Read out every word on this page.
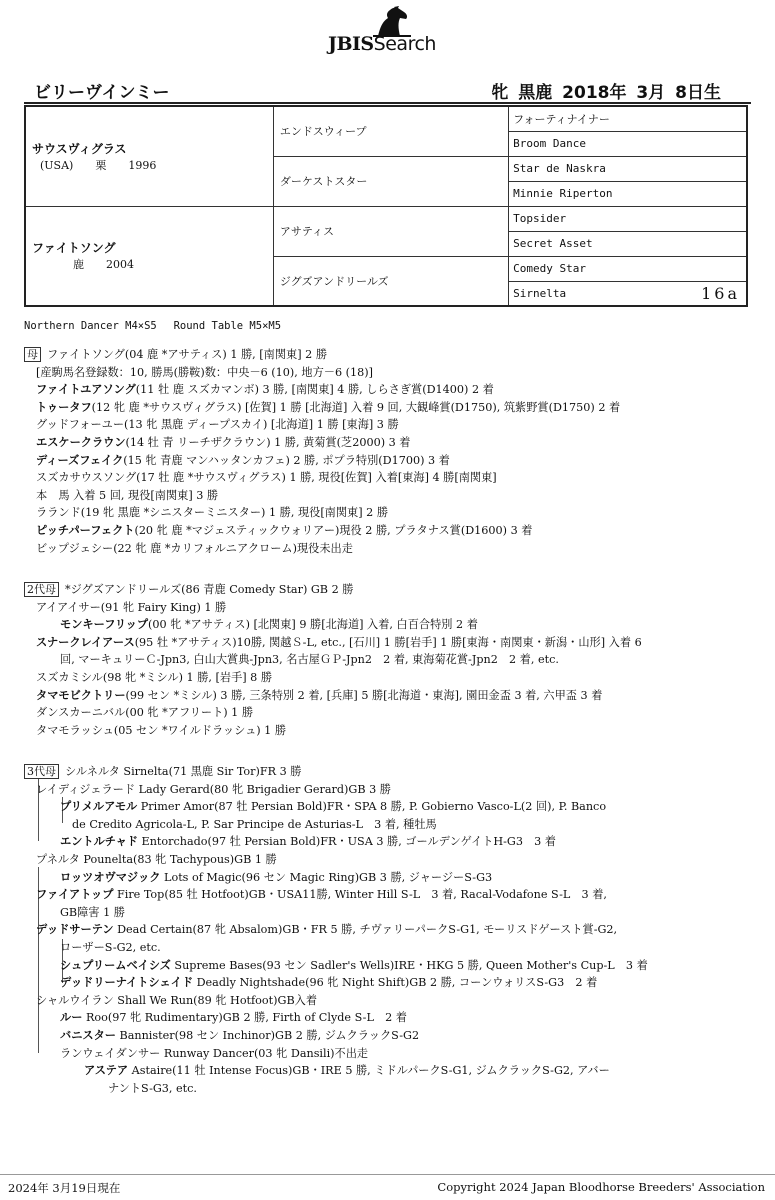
JBISSearch
ビリーヴインミー	牝 黒鹿 2018年 3月 8日生
サウスヴィグラス
(USA)　　栗　　1996	エンドスウィープ	フォーティナイナー
		Broom Dance
	ダーケストスター	Star de Naskra
		Minnie Riperton

ファイトソング
　　　鹿　　2004	アサティス	Topsider
		Secret Asset
	ジグズアンドリールズ	Comedy Star
		Sirnelta 16a
Northern Dancer M4×S5　 Round Table M5×M5
母 ファイトソング(04 鹿 *アサティス) 1 勝, [南関東] 2 勝
[産駒馬名登録数：10, 勝馬(勝鞍)数：中央－6 (10), 地方－6 (18)]
ファイトユアソング(11 牡 鹿 スズカマンボ) 3 勝, [南関東] 4 勝, しらさぎ賞(D1400) 2 着
トゥータフ(12 牝 鹿 *サウスヴィグラス) [佐賀] 1 勝 [北海道] 入着 9 回, 大観峰賞(D1750), 筑紫野賞(D1750) 2 着
グッドフォーユー(13 牝 黒鹿 ディープスカイ) [北海道] 1 勝 [東海] 3 勝
エスケークラウン(14 牡 青 リーチザクラウン) 1 勝, 黄菊賞(芝2000) 3 着
ディーズフェイク(15 牝 青鹿 マンハッタンカフェ) 2 勝, ポプラ特別(D1700) 3 着
スズカサウスソング(17 牡 鹿 *サウスヴィグラス) 1 勝, 現役[佐賀] 入着[東海] 4 勝[南関東]
本　馬 入着 5 回, 現役[南関東] 3 勝
ラランド(19 牝 黒鹿 *シニスターミニスター) 1 勝, 現役[南関東] 2 勝
ピッチパーフェクト(20 牝 鹿 *マジェスティックウォリアー)現役 2 勝, プラタナス賞(D1600) 3 着
ビップジェシー(22 牝 鹿 *カリフォルニアクローム)現役未出走
2代母 *ジグズアンドリールズ(86 青鹿 Comedy Star) GB 2 勝
アイアイサー(91 牝 Fairy King) 1 勝
モンキーフリップ(00 牝 *アサティス) [北関東] 9 勝[北海道] 入着, 白百合特別 2 着
スナークレイアース(95 牡 *アサティス)10勝, 関越Ｓ-L, etc., [石川] 1 勝[岩手] 1 勝[東海・南関東・新潟・山形] 入着 6
回, マーキュリーＣ-Jpn3, 白山大賞典-Jpn3, 名古屋ＧＰ-Jpn2　2 着, 東海菊花賞-Jpn2　2 着, etc.
スズカミシル(98 牝 *ミシル) 1 勝, [岩手] 8 勝
タマモビクトリー(99 セン *ミシル) 3 勝, 三条特別 2 着, [兵庫] 5 勝[北海道・東海], 園田金盃 3 着, 六甲盃 3 着
ダンスカーニバル(00 牝 *アフリート) 1 勝
タマモラッシュ(05 セン *ワイルドラッシュ) 1 勝
3代母 シルネルタ Sirnelta(71 黒鹿 Sir Tor)FR 3 勝
レイディジェラード Lady Gerard(80 牝 Brigadier Gerard)GB 3 勝
プリメルアモル Primer Amor(87 牡 Persian Bold)FR・SPA 8 勝, P. Gobierno Vasco-L(2 回), P. Banco
de Credito Agricola-L, P. Sar Principe de Asturias-L　3 着, 種牡馬
エントルチャド Entorchado(97 牡 Persian Bold)FR・USA 3 勝, ゴールデンゲイトH-G3　3 着
プネルタ Pounelta(83 牝 Tachypous)GB 1 勝
ロッツオヴマジック Lots of Magic(96 セン Magic Ring)GB 3 勝, ジャージーS-G3
ファイアトップ Fire Top(85 牡 Hotfoot)GB・USA11勝, Winter Hill S-L　3 着, Racal-Vodafone S-L　3 着,
GB障害 1 勝
デッドサーテン Dead Certain(87 牝 Absalom)GB・FR 5 勝, チヴァリーパークS-G1, モーリスドゲースト賞-G2,
ローザーS-G2, etc.
シュプリームベイシズ Supreme Bases(93 セン Sadler's Wells)IRE・HKG 5 勝, Queen Mother's Cup-L　3 着
デッドリーナイトシェイド Deadly Nightshade(96 牝 Night Shift)GB 2 勝, コーンウォリスS-G3　2 着
シャルウイラン Shall We Run(89 牝 Hotfoot)GB入着
ルー Roo(97 牝 Rudimentary)GB 2 勝, Firth of Clyde S-L　2 着
バニスター Bannister(98 セン Inchinor)GB 2 勝, ジムクラックS-G2
ランウェイダンサー Runway Dancer(03 牝 Dansili)不出走
アステア Astaire(11 牡 Intense Focus)GB・IRE 5 勝, ミドルパークS-G1, ジムクラックS-G2, アバー
ナントS-G3, etc.
2024年 3月19日現在	Copyright 2024 Japan Bloodhorse Breeders' Association
